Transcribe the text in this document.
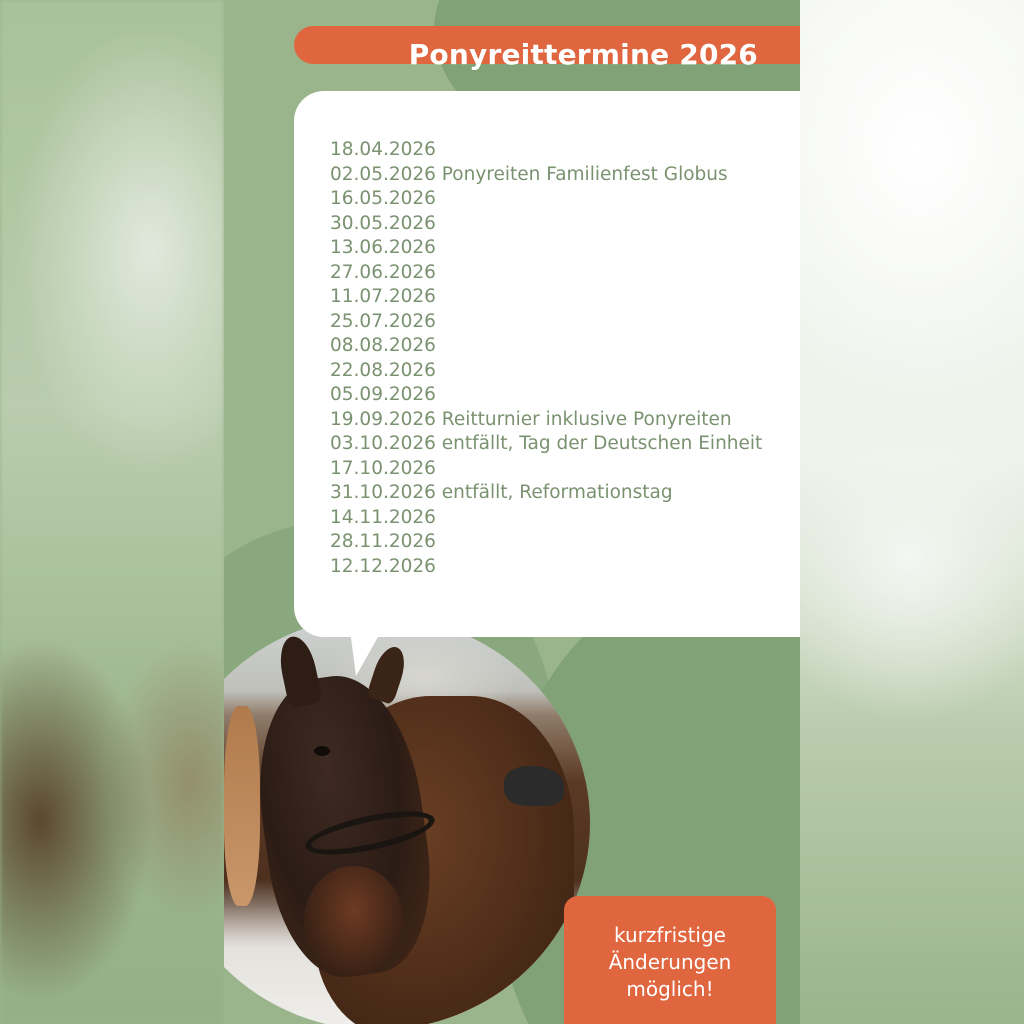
Ponyreittermine 2026
18.04.2026
02.05.2026 Ponyreiten Familienfest Globus
16.05.2026
30.05.2026
13.06.2026
27.06.2026
11.07.2026
25.07.2026
08.08.2026
22.08.2026
05.09.2026
19.09.2026 Reitturnier inklusive Ponyreiten
03.10.2026 entfällt, Tag der Deutschen Einheit
17.10.2026
31.10.2026 entfällt, Reformationstag
14.11.2026
28.11.2026
12.12.2026
kurzfristige
Änderungen
möglich!
